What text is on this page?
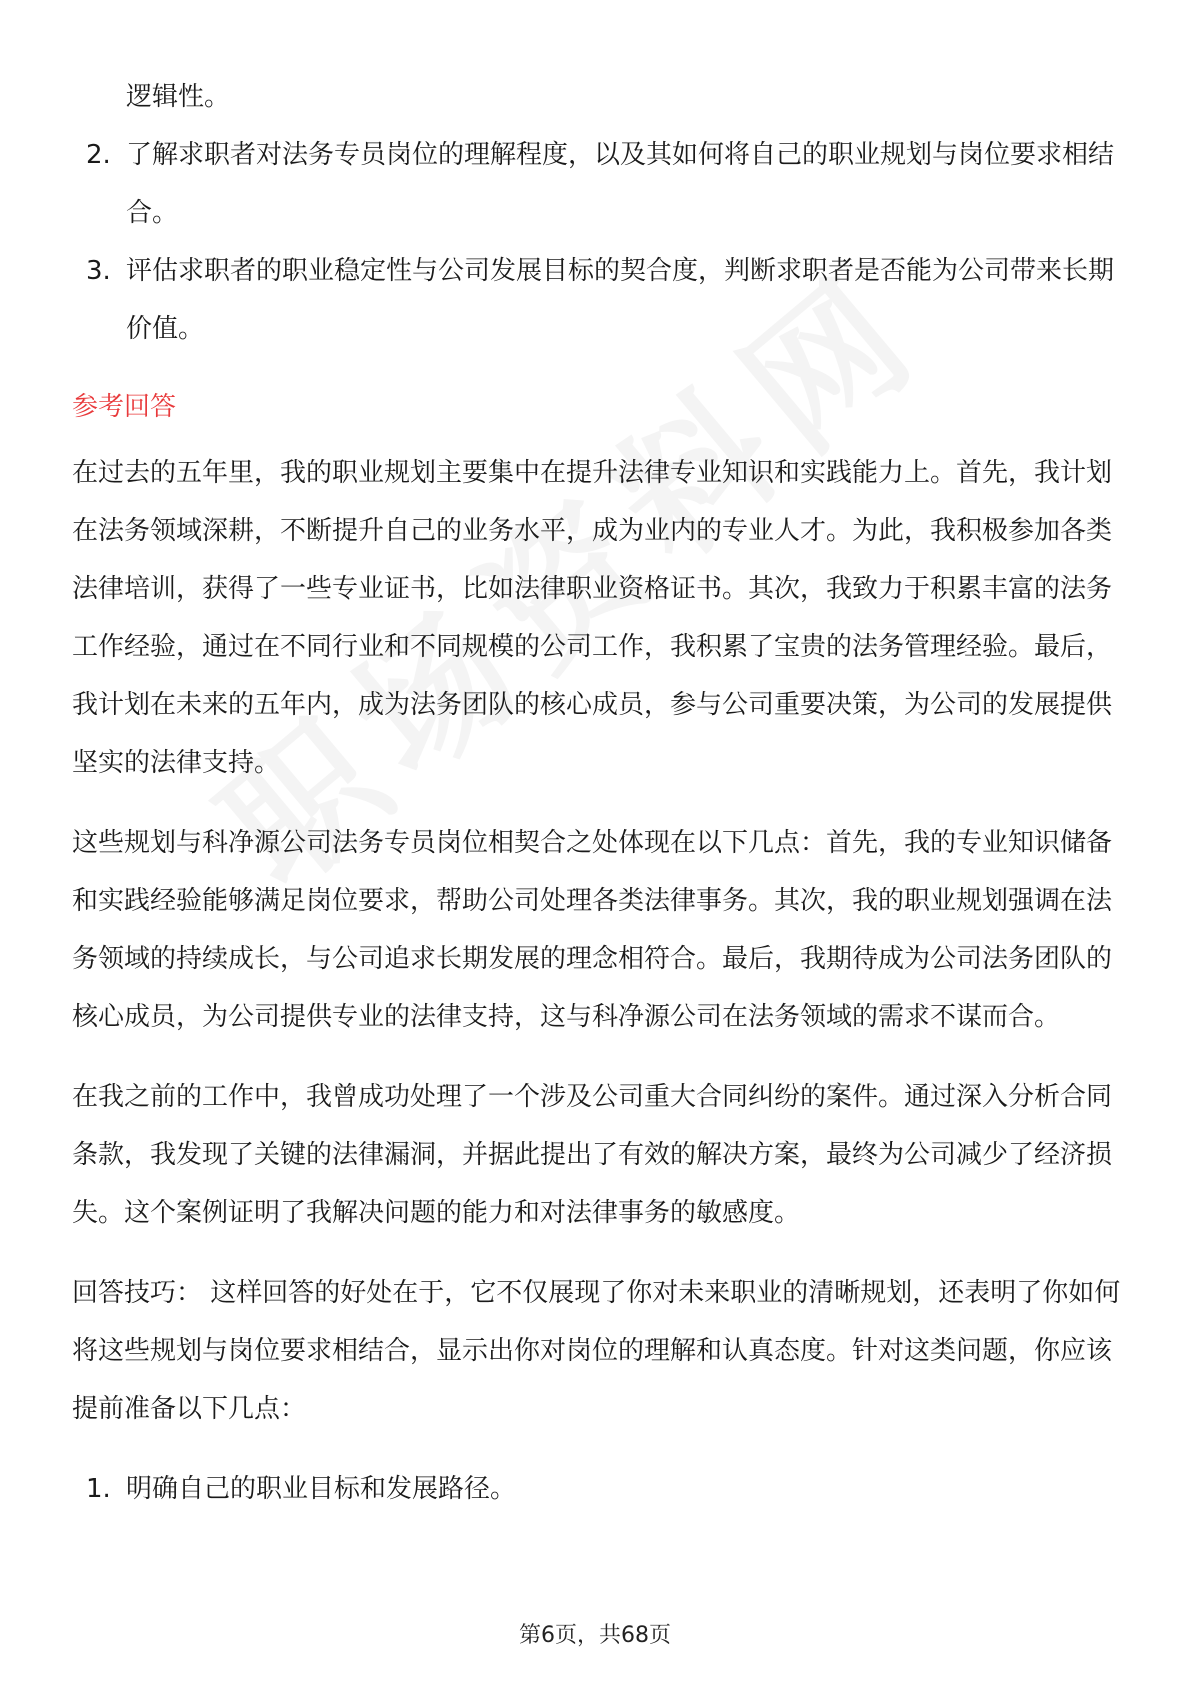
逻辑性。

2. 了解求职者对法务专员岗位的理解程度，以及其如何将自己的职业规划与岗位要求相结合。
3. 评估求职者的职业稳定性与公司发展目标的契合度，判断求职者是否能为公司带来长期价值。
参考回答

在过去的五年里，我的职业规划主要集中在提升法律专业知识和实践能力上。首先，我计划在法务领域深耕，不断提升自己的业务水平，成为业内的专业人才。为此，我积极参加各类法律培训，获得了一些专业证书，比如法律职业资格证书。其次，我致力于积累丰富的法务工作经验，通过在不同行业和不同规模的公司工作，我积累了宝贵的法务管理经验。最后，我计划在未来的五年内，成为法务团队的核心成员，参与公司重要决策，为公司的发展提供坚实的法律支持。

这些规划与科净源公司法务专员岗位相契合之处体现在以下几点：首先，我的专业知识储备和实践经验能够满足岗位要求，帮助公司处理各类法律事务。其次，我的职业规划强调在法务领域的持续成长，与公司追求长期发展的理念相符合。最后，我期待成为公司法务团队的核心成员，为公司提供专业的法律支持，这与科净源公司在法务领域的需求不谋而合。

在我之前的工作中，我曾成功处理了一个涉及公司重大合同纠纷的案件。通过深入分析合同条款，我发现了关键的法律漏洞，并据此提出了有效的解决方案，最终为公司减少了经济损失。这个案例证明了我解决问题的能力和对法律事务的敏感度。

回答技巧： 这样回答的好处在于，它不仅展现了你对未来职业的清晰规划，还表明了你如何将这些规划与岗位要求相结合，显示出你对岗位的理解和认真态度。针对这类问题，你应该提前准备以下几点：

1. 明确自己的职业目标和发展路径。
第6页，共68页
